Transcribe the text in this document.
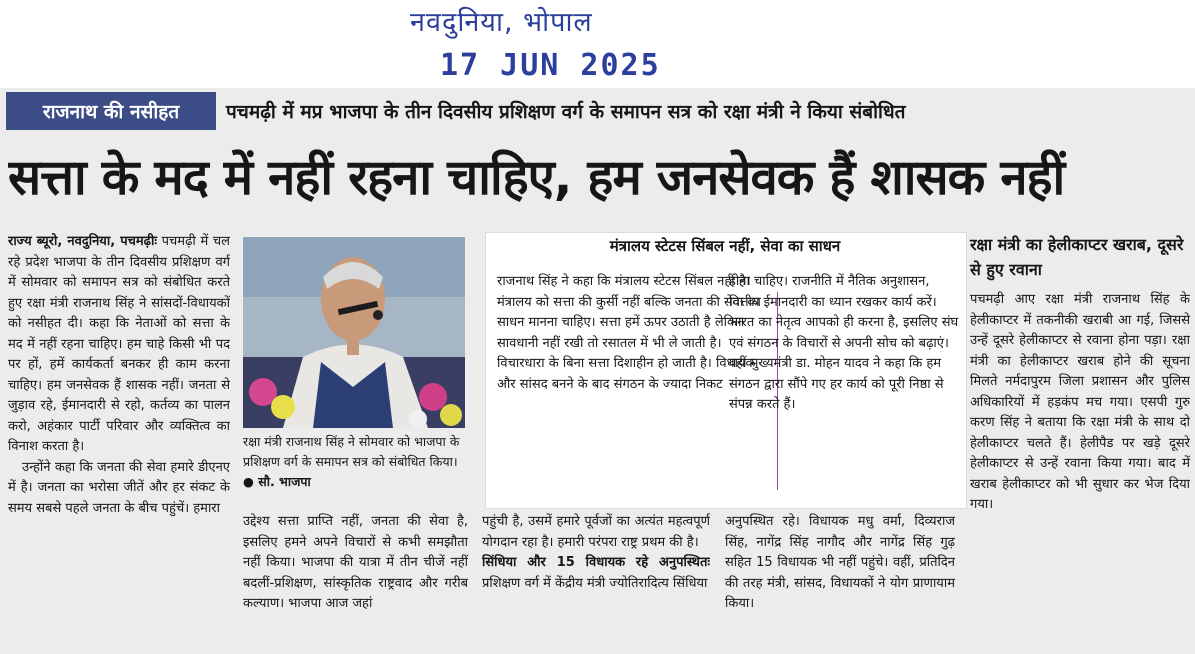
नवदुनिया, भोपाल
17 JUN 2025
राजनाथ की नसीहत	पचमढ़ी में मप्र भाजपा के तीन दिवसीय प्रशिक्षण वर्ग के समापन सत्र को रक्षा मंत्री ने किया संबोधित
सत्ता के मद में नहीं रहना चाहिए, हम जनसेवक हैं शासक नहीं

राज्य ब्यूरो, नवदुनिया, पचमढ़ीः पचमढ़ी में चल रहे प्रदेश भाजपा के तीन दिवसीय प्रशिक्षण वर्ग में सोमवार को समापन सत्र को संबोधित करते हुए रक्षा मंत्री राजनाथ सिंह ने सांसदों-विधायकों को नसीहत दी। कहा कि नेताओं को सत्ता के मद में नहीं रहना चाहिए। हम चाहे किसी भी पद पर हों, हमें कार्यकर्ता बनकर ही काम करना चाहिए। हम जनसेवक हैं शासक नहीं। जनता से जुड़ाव रहे, ईमानदारी से रहो, कर्तव्य का पालन करो, अहंकार पार्टी परिवार और व्यक्तित्व का विनाश करता है।

उन्होंने कहा कि जनता की सेवा हमारे डीएनए में है। जनता का भरोसा जीतें और हर संकट के समय सबसे पहले जनता के बीच पहुंचें। हमारा

रक्षा मंत्री राजनाथ सिंह ने सोमवार को भाजपा के प्रशिक्षण वर्ग के समापन सत्र को संबोधित किया। ● सौ. भाजपा
मंत्रालय स्टेटस सिंबल नहीं, सेवा का साधन
राजनाथ सिंह ने कहा कि मंत्रालय स्टेटस सिंबल नहीं है। मंत्रालय को सत्ता की कुर्सी नहीं बल्कि जनता की सेवा का साधन मानना चाहिए। सत्ता हमें ऊपर उठाती है लेकिन सावधानी नहीं रखी तो रसातल में भी ले जाती है। विचारधारा के बिना सत्ता दिशाहीन हो जाती है। विधायक और सांसद बनने के बाद संगठन के ज्यादा निकट
होना चाहिए। राजनीति में नैतिक अनुशासन, वित्तीय ईमानदारी का ध्यान रखकर कार्य करें। भारत का नेतृत्व आपको ही करना है, इसलिए संघ एवं संगठन के विचारों से अपनी सोच को बढ़ाएं। वहीं मुख्यमंत्री डा. मोहन यादव ने कहा कि हम संगठन द्वारा सौंपे गए हर कार्य को पूरी निष्ठा से संपन्न करते हैं।
उद्देश्य सत्ता प्राप्ति नहीं, जनता की सेवा है, इसलिए हमने अपने विचारों से कभी समझौता नहीं किया। भाजपा की यात्रा में तीन चीजें नहीं बदलीं-प्रशिक्षण, सांस्कृतिक राष्ट्रवाद और गरीब कल्याण। भाजपा आज जहां

पहुंची है, उसमें हमारे पूर्वजों का अत्यंत महत्वपूर्ण योगदान रहा है। हमारी परंपरा राष्ट्र प्रथम की है।

सिंधिया और 15 विधायक रहे अनुपस्थितः प्रशिक्षण वर्ग में केंद्रीय मंत्री ज्योतिरादित्य सिंधिया

अनुपस्थित रहे। विधायक मधु वर्मा, दिव्यराज सिंह, नागेंद्र सिंह नागौद और नागेंद्र सिंह गुढ़ सहित 15 विधायक भी नहीं पहुंचे। वहीं, प्रतिदिन की तरह मंत्री, सांसद, विधायकों ने योग प्राणायाम किया।
रक्षा मंत्री का हेलीकाप्टर खराब, दूसरे से हुए रवाना
पचमढ़ी आए रक्षा मंत्री राजनाथ सिंह के हेलीकाप्टर में तकनीकी खराबी आ गई, जिससे उन्हें दूसरे हेलीकाप्टर से रवाना होना पड़ा। रक्षा मंत्री का हेलीकाप्टर खराब होने की सूचना मिलते नर्मदापुरम जिला प्रशासन और पुलिस अधिकारियों में हड़कंप मच गया। एसपी गुरु करण सिंह ने बताया कि रक्षा मंत्री के साथ दो हेलीकाप्टर चलते हैं। हेलीपैड पर खड़े दूसरे हेलीकाप्टर से उन्हें रवाना किया गया। बाद में खराब हेलीकाप्टर को भी सुधार कर भेज दिया गया।
